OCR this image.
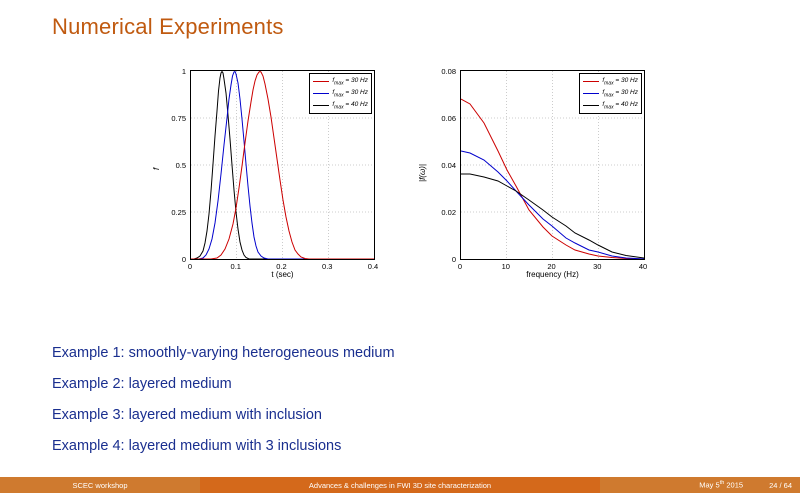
Numerical Experiments
$f_{max} = 30$ Hz
$f_{max} = 30$ Hz
$f_{max} = 40$ Hz
f
0
0.25
0.5
0.75
1
0	0.1	0.2	0.3	0.4
t (sec)
$f_{max} = 30$ Hz
$f_{max} = 30$ Hz
$f_{max} = 40$ Hz
|f(ω)|
0
0.02
0.04
0.06
0.08
0	10	20	30	40
frequency (Hz)
Example 1: smoothly-varying heterogeneous medium
Example 2: layered medium
Example 3: layered medium with inclusion
Example 4: layered medium with 3 inclusions
SCEC workshop	Advances & challenges in FWI 3D site characterization	May 5th 2015	24 / 64
